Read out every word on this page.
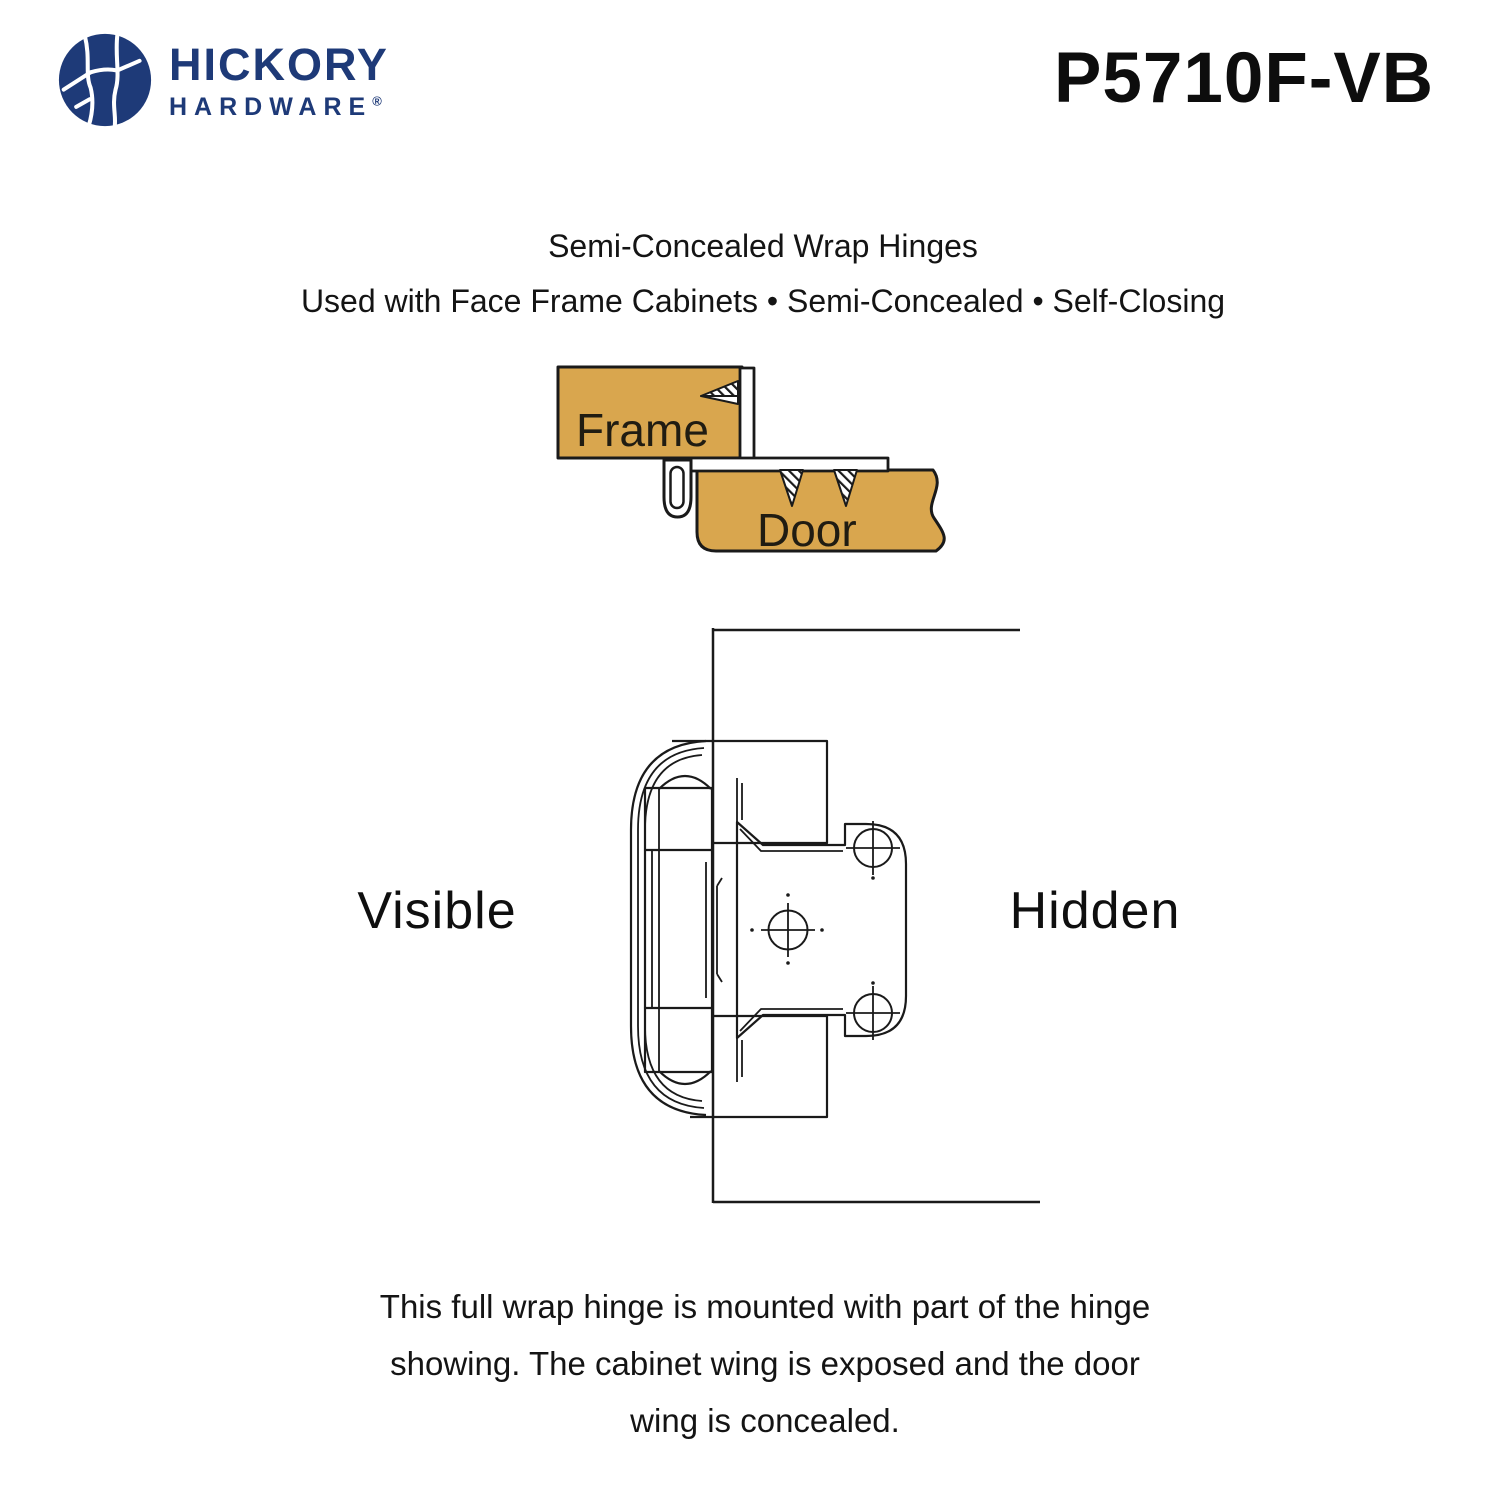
HICKORY
HARDWARE®	P5710F-VB
Semi-Concealed Wrap Hinges
Used with Face Frame Cabinets • Semi-Concealed • Self-Closing
Frame
Door
Visible	Hidden
This full wrap hinge is mounted with part of the hinge
showing. The cabinet wing is exposed and the door
wing is concealed.
